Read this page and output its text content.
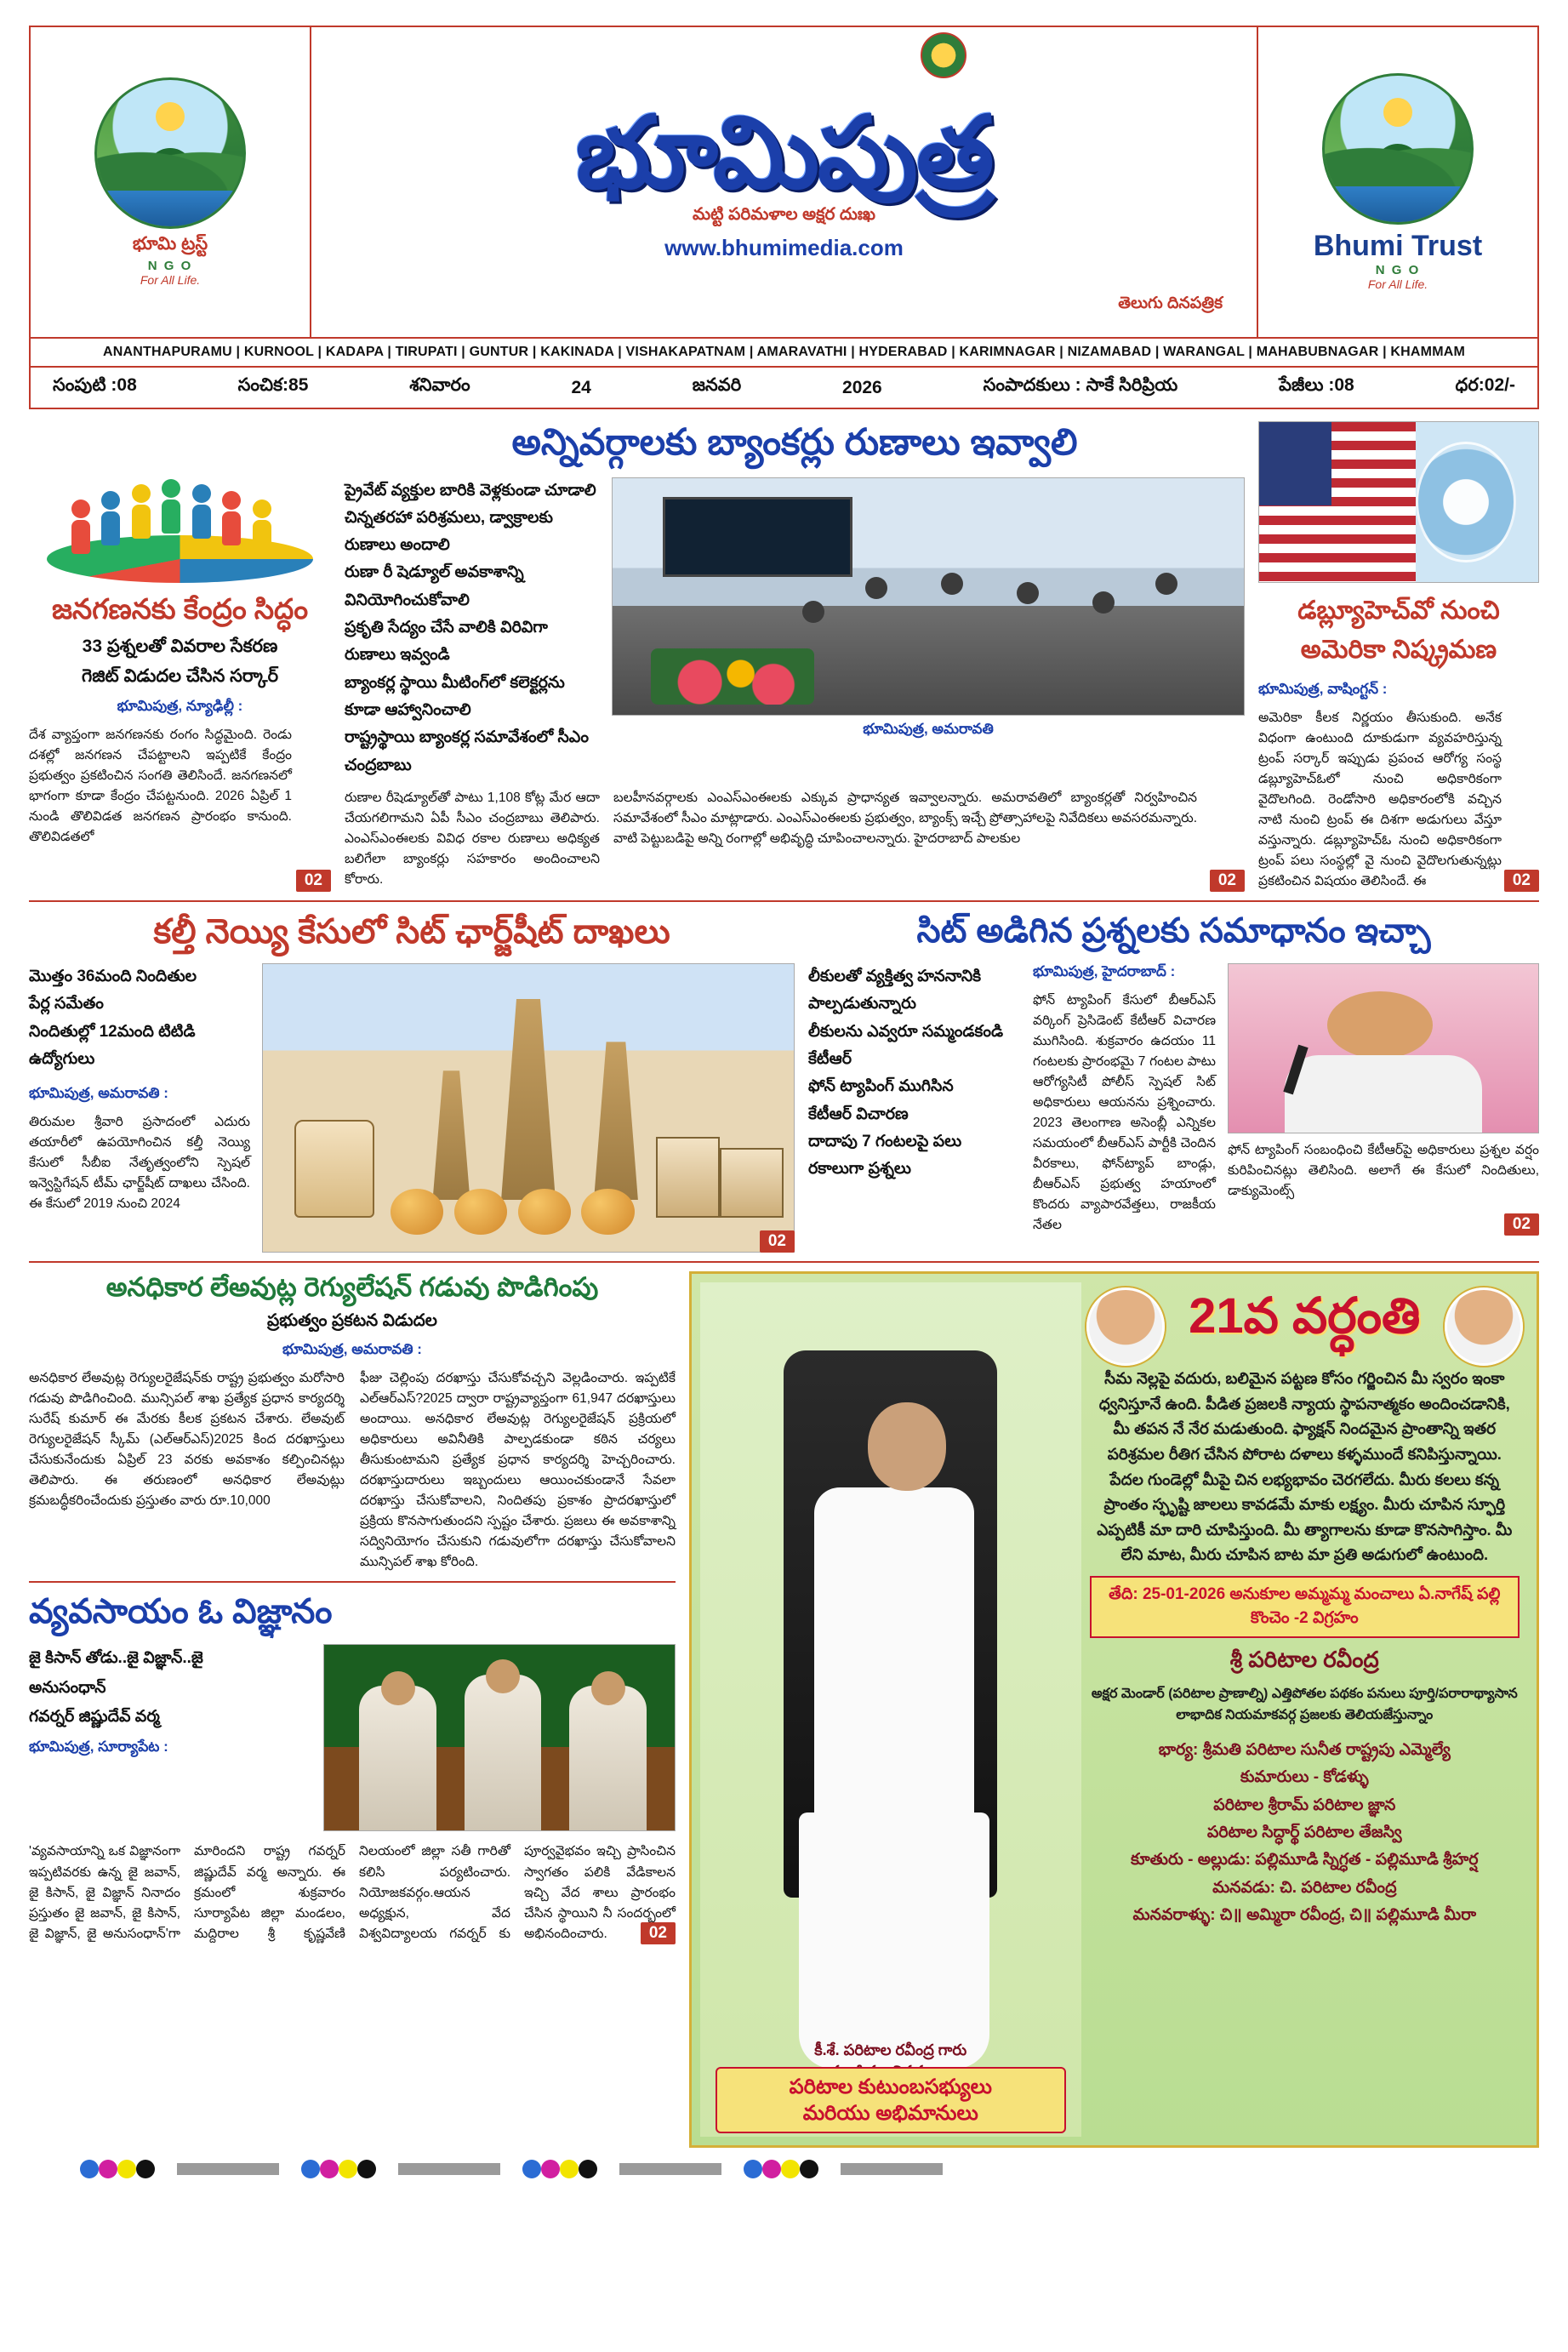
భూమి ట్రస్ట్
N G O
For All Life.
భూమిపుత్ర
మట్టి పరిమళాల అక్షర దుఃఖ
www.bhumimedia.com
తెలుగు దినపత్రిక
Bhumi Trust
N G O
For All Life.
ANANTHAPURAMU | KURNOOL | KADAPA | TIRUPATI | GUNTUR | KAKINADA | VISHAKAPATNAM | AMARAVATHI | HYDERABAD | KARIMNAGAR | NIZAMABAD | WARANGAL | MAHABUBNAGAR | KHAMMAM
సంపుటి :08	సంచిక:85	శనివారం	24	జనవరి	2026	సంపాదకులు : సాకే సిరిప్రియ	పేజీలు :08	ధర:02/-
జనగణనకు కేంద్రం సిద్ధం
33 ప్రశ్నలతో వివరాల సేకరణ
గెజిట్ విడుదల చేసిన సర్కార్
భూమిపుత్ర, న్యూఢిల్లీ :
దేశ వ్యాప్తంగా జనగణనకు రంగం సిద్ధమైంది. రెండు దశల్లో జనగణన చేపట్టాలని ఇప్పటికే కేంద్రం ప్రభుత్వం ప్రకటించిన సంగతి తెలిసిందే. జనగణనలో భాగంగా కూడా కేంద్రం చేపట్టనుంది. 2026 ఏప్రిల్ 1 నుండి తొలివిడత జనగణన ప్రారంభం కానుంది. తొలివిడతలో
02
అన్నివర్గాలకు బ్యాంకర్లు రుణాలు ఇవ్వాలి
ప్రైవేట్ వ్యక్తుల బారికి వెళ్లకుండా చూడాలి
చిన్నతరహా పరిశ్రమలు, డ్వాక్రాలకు రుణాలు అందాలి
రుణా రీ షెడ్యూల్ అవకాశాన్ని వినియోగించుకోవాలి
ప్రకృతి సేద్యం చేసే వాలికి విరివిగా రుణాలు ఇవ్వండి
బ్యాంకర్ల స్థాయి మీటింగ్‌లో కలెక్టర్లను కూడా ఆహ్వానించాలి
రాష్ట్రస్థాయి బ్యాంకర్ల సమావేశంలో సీఎం చంద్రబాబు
భూమిపుత్ర, అమరావతి
రుణాల రీషెడ్యూల్‌తో పాటు 1,108 కోట్ల మేర ఆదా చేయగలిగామని ఏపీ సీఎం చంద్రబాబు తెలిపారు. ఎంఎస్ఎంఈలకు వివిధ రకాల రుణాలు అధిక్యత బలిగేలా బ్యాంకర్లు సహకారం అందించాలని కోరారు.
బలహీనవర్గాలకు ఎంఎస్ఎంఈలకు ఎక్కువ ప్రాధాన్యత ఇవ్వాలన్నారు. అమరావతిలో బ్యాంకర్లతో నిర్వహించిన సమావేశంలో సీఎం మాట్లాడారు. ఎంఎస్ఎంఈలకు ప్రభుత్వం, బ్యాంక్స్ ఇచ్చే ప్రోత్సాహాలపై నివేదికలు అవసరమన్నారు. వాటి పెట్టుబడిపై అన్ని రంగాల్లో అభివృద్ధి చూపించాలన్నారు. హైదరాబాద్ పాలకుల
02
డబ్ల్యూహెచ్‌వో నుంచి
అమెరికా నిష్క్రమణ
భూమిపుత్ర, వాషింగ్టన్ :
అమెరికా కీలక నిర్ణయం తీసుకుంది. అనేక విధంగా ఉంటుంది దూకుడుగా వ్యవహరిస్తున్న ట్రంప్ సర్కార్ ఇప్పుడు ప్రపంచ ఆరోగ్య సంస్థ డబ్ల్యూహెచ్ఓలో నుంచి అధికారికంగా వైదొలగింది. రెండోసారి అధికారంలోకి వచ్చిన నాటి నుంచి ట్రంప్ ఈ దిశగా అడుగులు వేస్తూ వస్తున్నారు. డబ్ల్యూహెచ్ఓ నుంచి అధికారికంగా ట్రంప్ పలు సంస్థల్లో వై నుంచి వైదొలగుతున్నట్లు ప్రకటించిన విషయం తెలిసిందే. ఈ	02
కల్తీ నెయ్యి కేసులో సిట్ ఛార్జ్‌షీట్ దాఖలు
మొత్తం 36మంది నిందితుల
పేర్ల సమేతం
నిందితుల్లో 12మంది టిటిడి
ఉద్యోగులు
భూమిపుత్ర, అమరావతి :
తిరుమల శ్రీవారి ప్రసాదంలో ఎదురు తయారీలో ఉపయోగించిన కల్తీ నెయ్యి కేసులో సీబీఐ నేతృత్వంలోని స్పెషల్ ఇన్వెస్టిగేషన్ టీమ్ ఛార్జ్‌షీట్ దాఖలు చేసింది. ఈ కేసులో 2019 నుంచి 2024
02
సిట్ అడిగిన ప్రశ్నలకు సమాధానం ఇచ్చా
లీకులతో వ్యక్తిత్వ హననానికి
పాల్పడుతున్నారు
లీకులను ఎవ్వరూ సమ్మండకండి
కేటీఆర్
ఫోన్ ట్యాపింగ్ ముగిసిన
కేటీఆర్ విచారణ
దాదాపు 7 గంటలపై పలు
రకాలుగా ప్రశ్నలు
భూమిపుత్ర, హైదరాబాద్ :
ఫోన్ ట్యాపింగ్ కేసులో బీఆర్ఎస్ వర్కింగ్ ప్రెసిడెంట్ కేటీఆర్ విచారణ ముగిసింది. శుక్రవారం ఉదయం 11 గంటలకు ప్రారంభమై 7 గంటల పాటు ఆరోగ్యసిటీ పోలీస్ స్పెషల్ సిట్ అధికారులు ఆయనను ప్రశ్నించారు. 2023 తెలంగాణ అసెంబ్లీ ఎన్నికల సమయంలో బీఆర్ఎస్ పార్టీకి చెందిన వీరకాలు, ఫోన్‌ట్యాప్ బాండ్లు, బీఆర్ఎస్ ప్రభుత్వ హయాంలో కొందరు వ్యాపారవేత్తలు, రాజకీయ నేతల
ఫోన్ ట్యాపింగ్ సంబంధించి కేటీఆర్‌పై అధికారులు ప్రశ్నల వర్షం కురిపించినట్లు తెలిసింది. అలాగే ఈ కేసులో నిందితులు, డాక్యుమెంట్స్
02
అనధికార లే‌అవుట్ల రెగ్యులేషన్ గడువు పొడిగింపు
ప్రభుత్వం ప్రకటన విడుదల
భూమిపుత్ర, అమరావతి :
అనధికార లేఅవుట్ల రెగ్యులరైజేషన్‌కు రాష్ట్ర ప్రభుత్వం మరోసారి గడువు పొడిగించింది. మున్సిపల్ శాఖ ప్రత్యేక ప్రధాన కార్యదర్శి సురేష్ కుమార్ ఈ మేరకు కీలక ప్రకటన చేశారు. లేఅవుట్ రెగ్యులరైజేషన్ స్కీమ్ (ఎల్ఆర్ఎస్)2025 కింద దరఖాస్తులు చేసుకునేందుకు ఏప్రిల్ 23 వరకు అవకాశం కల్పించినట్లు తెలిపారు. ఈ తరుణంలో అనధికార లేఅవుట్లు క్రమబద్ధీకరించేందుకు ప్రస్తుతం వారు రూ.10,000
ఫీజు చెల్లింపు దరఖాస్తు చేసుకోవచ్చని వెల్లడించారు. ఇప్పటికే ఎల్ఆర్ఎస్?2025 ద్వారా రాష్ట్రవ్యాప్తంగా 61,947 దరఖాస్తులు అందాయి. అనధికార లేఅవుట్ల రెగ్యులరైజేషన్ ప్రక్రియలో అధికారులు అవినీతికి పాల్పడకుండా కఠిన చర్యలు తీసుకుంటామని ప్రత్యేక ప్రధాన కార్యదర్శి హెచ్చరించారు. దరఖాస్తుదారులు ఇబ్బందులు ఆయించకుండానే సేవలా దరఖాస్తు చేసుకోవాలని, నిందితపు ప్రకాశం ప్రాదరఖాస్తులో ప్రక్రియ కొనసాగుతుందని స్పష్టం చేశారు. ప్రజలు ఈ అవకాశాన్ని సద్వినియోగం చేసుకుని గడువులోగా దరఖాస్తు చేసుకోవాలని మున్సిపల్ శాఖ కోరింది.
వ్యవసాయం ఓ విజ్ఞానం
జై కిసాన్ తోడు..జై విజ్ఞాన్..జై
అనుసంధాన్
గవర్నర్ జిష్ణుదేవ్ వర్మ
భూమిపుత్ర, సూర్యాపేట :
'వ్యవసాయాన్ని ఒక విజ్ఞానంగా ఇప్పటివరకు ఉన్న జై జవాన్, జై కిసాన్, జై విజ్ఞాన్ నినాదం ప్రస్తుతం జై జవాన్, జై కిసాన్, జై విజ్ఞాన్, జై అనుసంధాన్'గా మారిందని రాష్ట్ర గవర్నర్ జిష్ణుదేవ్ వర్మ అన్నారు. ఈ క్రమంలో శుక్రవారం సూర్యాపేట జిల్లా మండలం, మద్దిరాల శ్రీ కృష్ణవేణి నిలయంలో జిల్లా సతీ గారితో కలిసి పర్యటించారు. నియోజకవర్గం.ఆయన అధ్యక్షున, వేద విశ్వవిద్యాలయ గవర్నర్ కు పూర్వవైభవం ఇచ్చి ప్రాసించిన స్వాగతం పలికి వేడికాలన ఇచ్చి వేద శాలు ప్రారంభం చేసిన స్థాయిని నీ సందర్భంలో అభినందించారు.	02
కీ.శే. పరిటాల రవీంద్ర గారు
పరిటాల కుటుంబసభ్యులు
మరియు అభిమానులు
21వ వర్ధంతి
సీమ నెల్లపై వదురు, బలిమైన పట్టణ కోసం గర్జించిన మీ స్వరం ఇంకా ధ్వనిస్తూనే ఉంది. పీడిత ప్రజలకి న్యాయ స్థాపనాత్మకం అందించడానికి, మీ తపన నే నేర మడుతుంది. ఫ్యాక్షన్ నిందమైన ప్రాంతాన్ని ఇతర పరిశ్రమల రీతిగ చేసిన పోరాట దళాలు కళ్ళముందే కనిపిస్తున్నాయి. పేదల గుండెల్లో మీపై చిన లభ్యభావం చెరగలేదు. మీరు కలలు కన్న ప్రాంతం స్ఫృష్టి జాలలు కావడమే మాకు లక్ష్యం. మీరు చూపిన స్ఫూర్తి ఎప్పటికీ మా దారి చూపిస్తుంది. మీ త్యాగాలను కూడా కొనసాగిస్తాం. మీ లేని మాట, మీరు చూపిన బాట మా ప్రతి అడుగులో ఉంటుంది.
తేది: 25-01-2026 అనుకూల అమ్మమ్మ మంచాలు ఏ.నాగేష్ పల్లి కొంచెం -2 విగ్రహం
శ్రీ పరిటాల రవీంద్ర
అక్షర మెండార్ (పరిటాల ప్రాణాల్ని) ఎత్తిపోతల పథకం పనులు పూర్తి/పరారాథ్యాసాన లాభాదిక నియమాకవర్గ ప్రజలకు తెలియజేస్తున్నాం
భార్య: శ్రీమతి పరిటాల సునీత రాష్ట్రపు ఎమ్మెల్యే
కుమారులు - కోడళ్ళు
పరిటాల శ్రీరామ్ పరిటాల జ్ఞాన
పరిటాల సిద్ధార్థ్ పరిటాల తేజస్వి
కూతురు - అల్లుడు: పల్లిమూడి స్నిగ్ధత - పల్లిమూడి శ్రీహర్ష
మనవడు: చి. పరిటాల రవీంద్ర
మనవరాళ్ళు: చి॥ అమ్మిరా రవీంద్ర, చి॥ పల్లిమూడి మీరా
